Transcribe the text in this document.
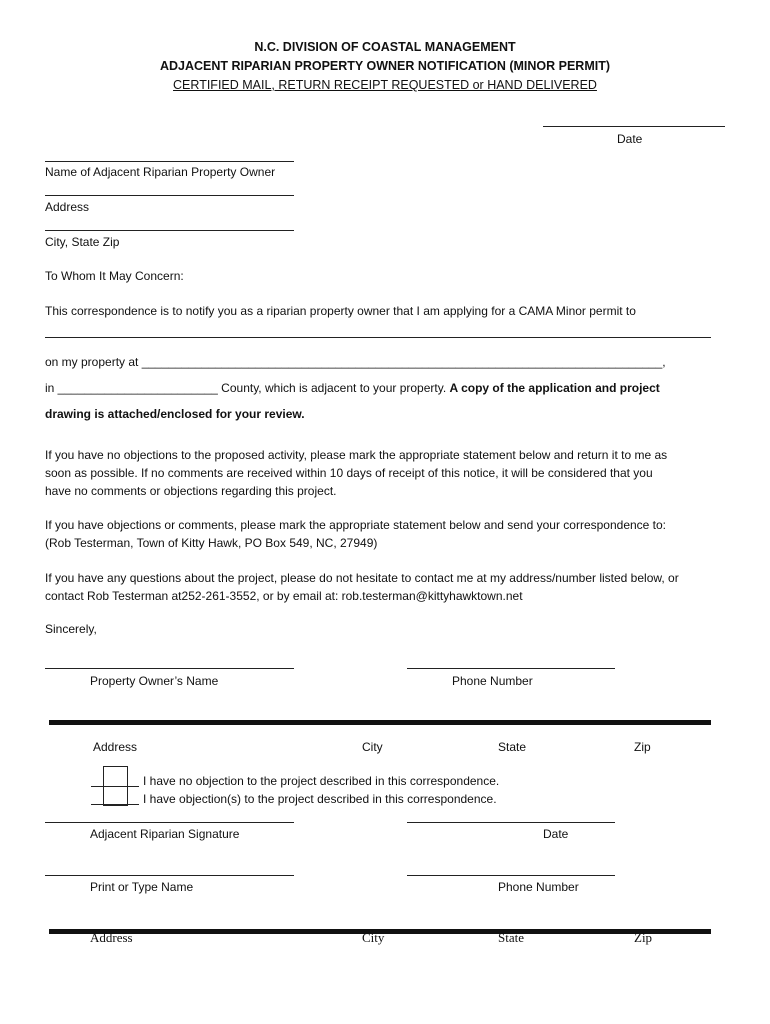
N.C. DIVISION OF COASTAL MANAGEMENT
ADJACENT RIPARIAN PROPERTY OWNER NOTIFICATION (MINOR PERMIT)
CERTIFIED MAIL, RETURN RECEIPT REQUESTED or HAND DELIVERED
Date
Name of Adjacent Riparian Property Owner
Address
City, State Zip
To Whom It May Concern:
This correspondence is to notify you as a riparian property owner that I am applying for a CAMA Minor permit to
on my property at ______________________________________________________________________________,
in ________________________ County, which is adjacent to your property. A copy of the application and project
drawing is attached/enclosed for your review.
If you have no objections to the proposed activity, please mark the appropriate statement below and return it to me as
soon as possible. If no comments are received within 10 days of receipt of this notice, it will be considered that you
have no comments or objections regarding this project.
If you have objections or comments, please mark the appropriate statement below and send your correspondence to:
(Rob Testerman, Town of Kitty Hawk, PO Box 549, NC, 27949)
If you have any questions about the project, please do not hesitate to contact me at my address/number listed below, or
contact Rob Testerman at252-261-3552, or by email at: rob.testerman@kittyhawktown.net
Sincerely,
Property Owner’s Name	Phone Number
Address	City	State	Zip
I have no objection to the project described in this correspondence.
I have objection(s) to the project described in this correspondence.
Adjacent Riparian Signature	Date
Print or Type Name	Phone Number
Address	City	State	Zip
